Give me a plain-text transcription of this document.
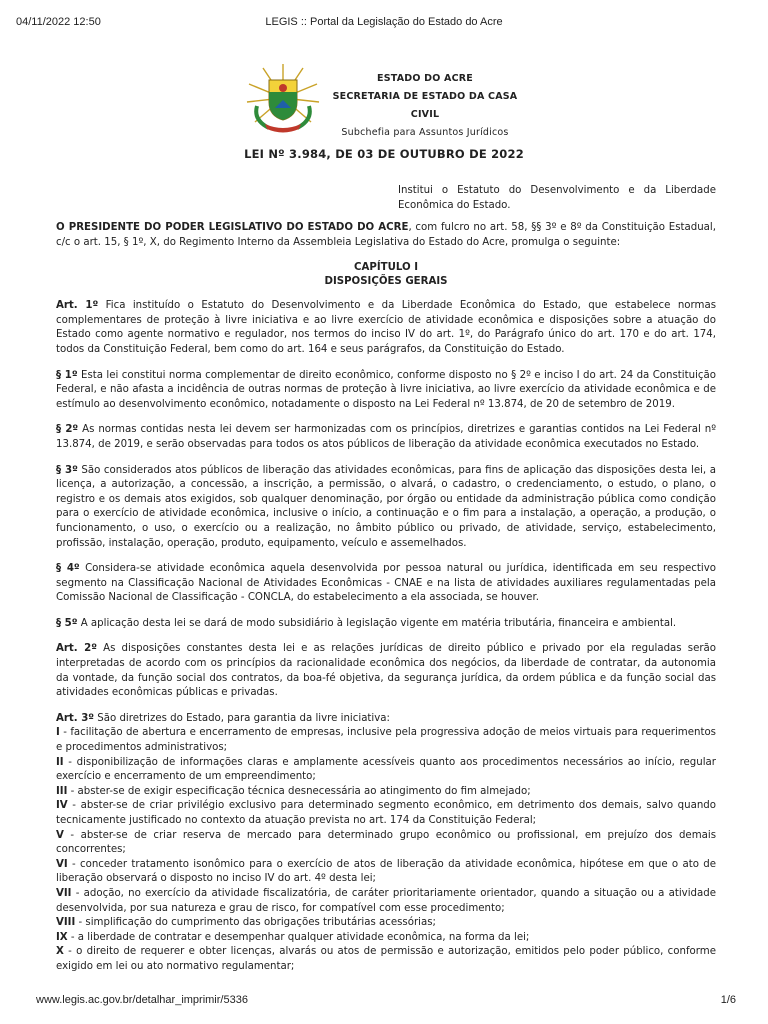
04/11/2022 12:50	LEGIS :: Portal da Legislação do Estado do Acre
ESTADO DO ACRE
SECRETARIA DE ESTADO DA CASA CIVIL
Subchefia para Assuntos Jurídicos
LEI Nº 3.984, DE 03 DE OUTUBRO DE 2022
Institui o Estatuto do Desenvolvimento e da Liberdade Econômica do Estado.

O PRESIDENTE DO PODER LEGISLATIVO DO ESTADO DO ACRE, com fulcro no art. 58, §§ 3º e 8º da Constituição Estadual, c/c o art. 15, § 1º, X, do Regimento Interno da Assembleia Legislativa do Estado do Acre, promulga o seguinte:

CAPÍTULO I
DISPOSIÇÕES GERAIS

Art. 1º Fica instituído o Estatuto do Desenvolvimento e da Liberdade Econômica do Estado, que estabelece normas complementares de proteção à livre iniciativa e ao livre exercício de atividade econômica e disposições sobre a atuação do Estado como agente normativo e regulador, nos termos do inciso IV do art. 1º, do Parágrafo único do art. 170 e do art. 174, todos da Constituição Federal, bem como do art. 164 e seus parágrafos, da Constituição do Estado.

§ 1º Esta lei constitui norma complementar de direito econômico, conforme disposto no § 2º e inciso I do art. 24 da Constituição Federal, e não afasta a incidência de outras normas de proteção à livre iniciativa, ao livre exercício da atividade econômica e de estímulo ao desenvolvimento econômico, notadamente o disposto na Lei Federal nº 13.874, de 20 de setembro de 2019.

§ 2º As normas contidas nesta lei devem ser harmonizadas com os princípios, diretrizes e garantias contidos na Lei Federal nº 13.874, de 2019, e serão observadas para todos os atos públicos de liberação da atividade econômica executados no Estado.

§ 3º São considerados atos públicos de liberação das atividades econômicas, para fins de aplicação das disposições desta lei, a licença, a autorização, a concessão, a inscrição, a permissão, o alvará, o cadastro, o credenciamento, o estudo, o plano, o registro e os demais atos exigidos, sob qualquer denominação, por órgão ou entidade da administração pública como condição para o exercício de atividade econômica, inclusive o início, a continuação e o fim para a instalação, a operação, a produção, o funcionamento, o uso, o exercício ou a realização, no âmbito público ou privado, de atividade, serviço, estabelecimento, profissão, instalação, operação, produto, equipamento, veículo e assemelhados.

§ 4º Considera-se atividade econômica aquela desenvolvida por pessoa natural ou jurídica, identificada em seu respectivo segmento na Classificação Nacional de Atividades Econômicas - CNAE e na lista de atividades auxiliares regulamentadas pela Comissão Nacional de Classificação - CONCLA, do estabelecimento a ela associada, se houver.

§ 5º A aplicação desta lei se dará de modo subsidiário à legislação vigente em matéria tributária, financeira e ambiental.

Art. 2º As disposições constantes desta lei e as relações jurídicas de direito público e privado por ela reguladas serão interpretadas de acordo com os princípios da racionalidade econômica dos negócios, da liberdade de contratar, da autonomia da vontade, da função social dos contratos, da boa-fé objetiva, da segurança jurídica, da ordem pública e da função social das atividades econômicas públicas e privadas.

Art. 3º São diretrizes do Estado, para garantia da livre iniciativa:
I - facilitação de abertura e encerramento de empresas, inclusive pela progressiva adoção de meios virtuais para requerimentos e procedimentos administrativos;
II - disponibilização de informações claras e amplamente acessíveis quanto aos procedimentos necessários ao início, regular exercício e encerramento de um empreendimento;
III - abster-se de exigir especificação técnica desnecessária ao atingimento do fim almejado;
IV - abster-se de criar privilégio exclusivo para determinado segmento econômico, em detrimento dos demais, salvo quando tecnicamente justificado no contexto da atuação prevista no art. 174 da Constituição Federal;
V - abster-se de criar reserva de mercado para determinado grupo econômico ou profissional, em prejuízo dos demais concorrentes;
VI - conceder tratamento isonômico para o exercício de atos de liberação da atividade econômica, hipótese em que o ato de liberação observará o disposto no inciso IV do art. 4º desta lei;
VII - adoção, no exercício da atividade fiscalizatória, de caráter prioritariamente orientador, quando a situação ou a atividade desenvolvida, por sua natureza e grau de risco, for compatível com esse procedimento;
VIII - simplificação do cumprimento das obrigações tributárias acessórias;
IX - a liberdade de contratar e desempenhar qualquer atividade econômica, na forma da lei;
X - o direito de requerer e obter licenças, alvarás ou atos de permissão e autorização, emitidos pelo poder público, conforme exigido em lei ou ato normativo regulamentar;
www.legis.ac.gov.br/detalhar_imprimir/5336	1/6
